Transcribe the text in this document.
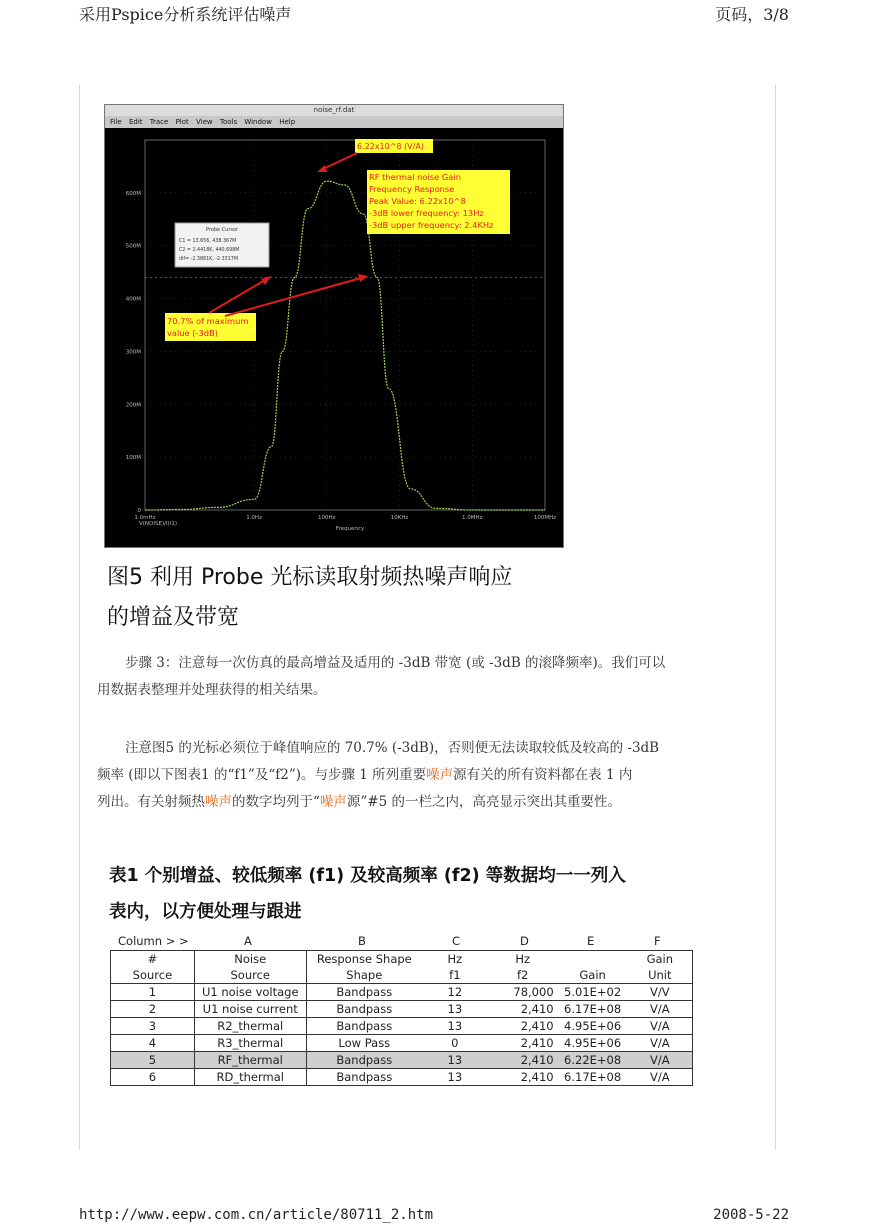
采用Pspice分析系统评估噪声	页码，3/8
noise_rf.dat
File Edit Trace Plot View Tools Window Help
600M
500M
400M
300M
200M
100M
0
1.0mHz	1.0Hz	100Hz	10KHz	1.0MHz	100MHz
Probe Cursor
C1 = 13.656, 438.367M
C2 = 2.4418K, 440.698M
dif= -2.3881K, -2.3317M
6.22x10^8 (V/A)
RF thermal noise Gain
Frequency Response
Peak Value: 6.22x10^8
-3dB lower frequency: 13Hz
-3dB upper frequency: 2.4KHz
70.7% of maximum
value (-3dB)
V(NOISE)/I(I1)
Frequency
图5 利用 Probe 光标读取射频热噪声响应
的增益及带宽
步骤 3：注意每一次仿真的最高增益及适用的 -3dB 带宽 (或 -3dB 的滚降频率)。我们可以
用数据表整理并处理获得的相关结果。
注意图5 的光标必须位于峰值响应的 70.7% (-3dB)，否则便无法读取较低及较高的 -3dB
频率 (即以下图表1 的“f1”及“f2”)。与步骤 1 所列重要噪声源有关的所有资料都在表 1 内
列出。有关射频热噪声的数字均列于“噪声源”#5 的一栏之内，高亮显示突出其重要性。
表1 个别增益、较低频率 (f1) 及较高频率 (f2) 等数据均一一列入
表内，以方便处理与跟进
Column > >	A	B	C	D	E	F
#	Noise	Response Shape	Hz	Hz		Gain
Source	Source	Shape	f1	f2	Gain	Unit
1	U1 noise voltage	Bandpass	12	78,000	5.01E+02	V/V
2	U1 noise current	Bandpass	13	2,410	6.17E+08	V/A
3	R2_thermal	Bandpass	13	2,410	4.95E+06	V/A
4	R3_thermal	Low Pass	0	2,410	4.95E+06	V/A
5	RF_thermal	Bandpass	13	2,410	6.22E+08	V/A
6	RD_thermal	Bandpass	13	2,410	6.17E+08	V/A
http://www.eepw.com.cn/article/80711_2.htm	2008-5-22
